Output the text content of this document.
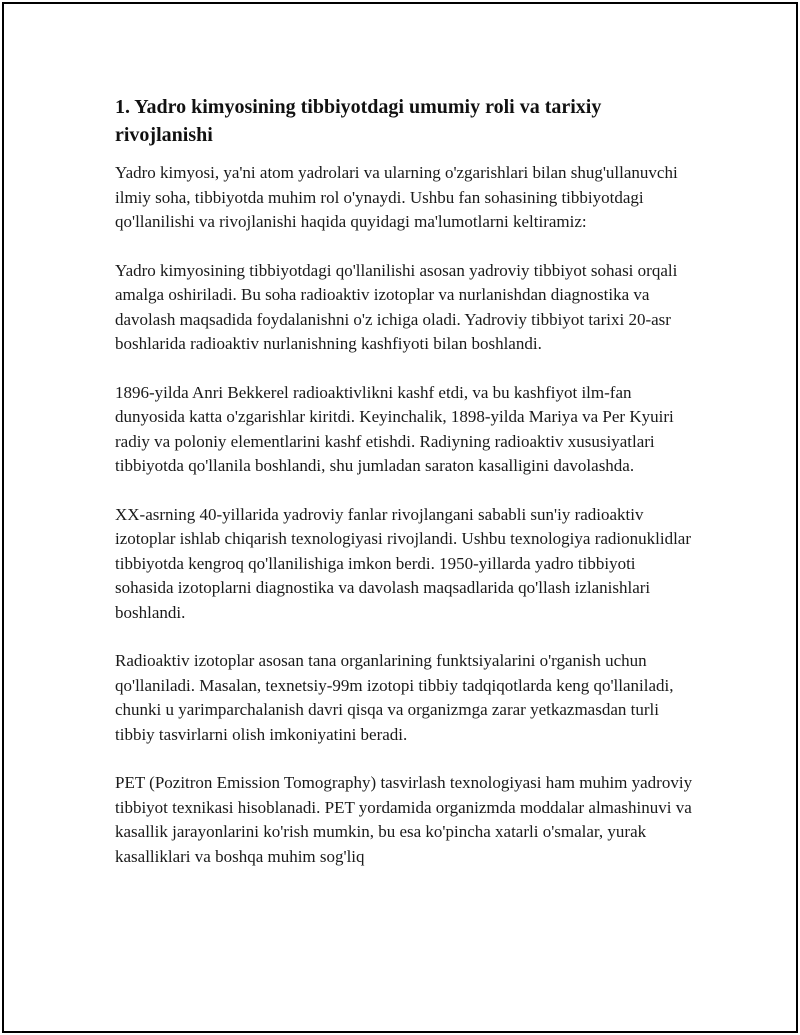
1. Yadro kimyosining tibbiyotdagi umumiy roli va tarixiy rivojlanishi

Yadro kimyosi, ya'ni atom yadrolari va ularning o'zgarishlari bilan shug'ullanuvchi ilmiy soha, tibbiyotda muhim rol o'ynaydi. Ushbu fan sohasining tibbiyotdagi qo'llanilishi va rivojlanishi haqida quyidagi ma'lumotlarni keltiramiz:

Yadro kimyosining tibbiyotdagi qo'llanilishi asosan yadroviy tibbiyot sohasi orqali amalga oshiriladi. Bu soha radioaktiv izotoplar va nurlanishdan diagnostika va davolash maqsadida foydalanishni o'z ichiga oladi. Yadroviy tibbiyot tarixi 20-asr boshlarida radioaktiv nurlanishning kashfiyoti bilan boshlandi.

1896-yilda Anri Bekkerel radioaktivlikni kashf etdi, va bu kashfiyot ilm-fan dunyosida katta o'zgarishlar kiritdi. Keyinchalik, 1898-yilda Mariya va Per Kyuiri radiy va poloniy elementlarini kashf etishdi. Radiyning radioaktiv xususiyatlari tibbiyotda qo'llanila boshlandi, shu jumladan saraton kasalligini davolashda.

XX-asrning 40-yillarida yadroviy fanlar rivojlangani sababli sun'iy radioaktiv izotoplar ishlab chiqarish texnologiyasi rivojlandi. Ushbu texnologiya radionuklidlar tibbiyotda kengroq qo'llanilishiga imkon berdi. 1950-yillarda yadro tibbiyoti sohasida izotoplarni diagnostika va davolash maqsadlarida qo'llash izlanishlari boshlandi.

Radioaktiv izotoplar asosan tana organlarining funktsiyalarini o'rganish uchun qo'llaniladi. Masalan, texnetsiy-99m izotopi tibbiy tadqiqotlarda keng qo'llaniladi, chunki u yarimparchalanish davri qisqa va organizmga zarar yetkazmasdan turli tibbiy tasvirlarni olish imkoniyatini beradi.

PET (Pozitron Emission Tomography) tasvirlash texnologiyasi ham muhim yadroviy tibbiyot texnikasi hisoblanadi. PET yordamida organizmda moddalar almashinuvi va kasallik jarayonlarini ko'rish mumkin, bu esa ko'pincha xatarli o'smalar, yurak kasalliklari va boshqa muhim sog'liq
